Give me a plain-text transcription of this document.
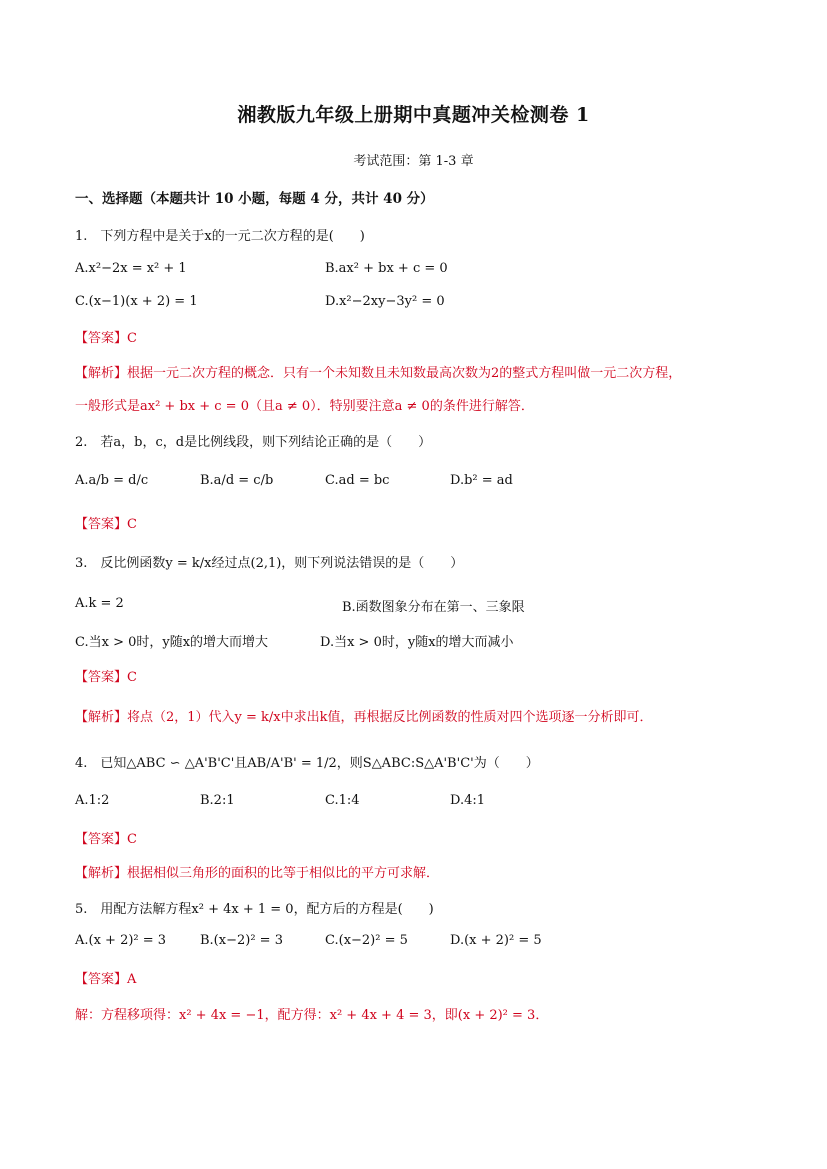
湘教版九年级上册期中真题冲关检测卷 1
考试范围：第 1-3 章
一、选择题（本题共计 10 小题，每题 4 分，共计 40 分）
1.　下列方程中是关于x的一元二次方程的是(　　)
A.x²−2x = x² + 1	B.ax² + bx + c = 0
C.(x−1)(x + 2) = 1	D.x²−2xy−3y² = 0
【答案】C
【解析】根据一元二次方程的概念．只有一个未知数且未知数最高次数为2的整式方程叫做一元二次方程，
一般形式是ax² + bx + c = 0（且a ≠ 0）．特别要注意a ≠ 0的条件进行解答．
2.　若a，b，c，d是比例线段，则下列结论正确的是（　　）
A.a/b = d/c	B.a/d = c/b	C.ad = bc	D.b² = ad
【答案】C
3.　反比例函数y = k/x经过点(2,1)，则下列说法错误的是（　　）
A.k = 2	B.函数图象分布在第一、三象限
C.当x > 0时，y随x的增大而增大	D.当x > 0时，y随x的增大而减小
【答案】C
【解析】将点（2，1）代入y = k/x中求出k值，再根据反比例函数的性质对四个选项逐一分析即可．
4.　已知△ABC ∽ △A'B'C'且AB/A'B' = 1/2，则S△ABC:S△A'B'C'为（　　）
A.1:2	B.2:1	C.1:4	D.4:1
【答案】C
【解析】根据相似三角形的面积的比等于相似比的平方可求解．
5.　用配方法解方程x² + 4x + 1 = 0，配方后的方程是(　　)
A.(x + 2)² = 3	B.(x−2)² = 3	C.(x−2)² = 5	D.(x + 2)² = 5
【答案】A
解：方程移项得：x² + 4x = −1，配方得：x² + 4x + 4 = 3，即(x + 2)² = 3．
